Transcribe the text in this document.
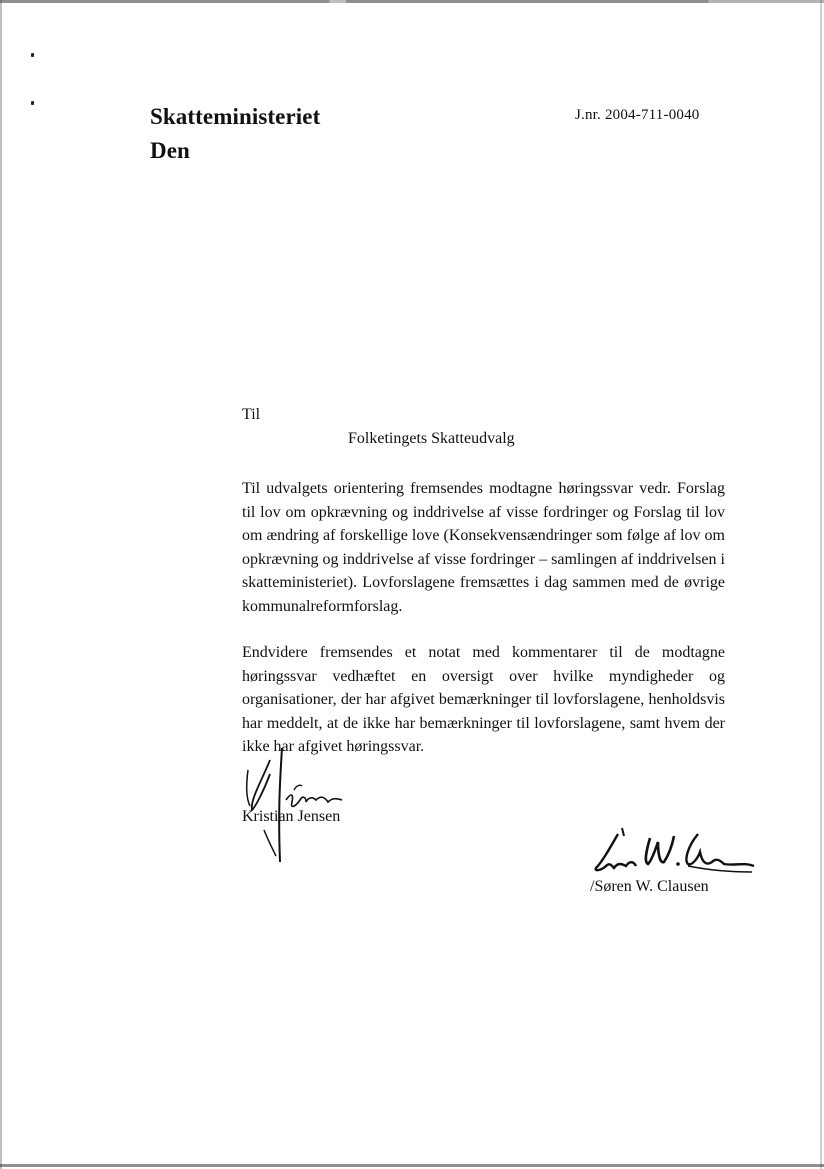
Skatteministeriet
Den
J.nr. 2004-711-0040
Til
Folketingets Skatteudvalg
Til udvalgets orientering fremsendes modtagne høringssvar vedr. Forslag til lov om opkrævning og inddrivelse af visse fordringer og Forslag til lov om ændring af forskellige love (Konsekvensændringer som følge af lov om opkrævning og inddrivelse af visse fordringer – samlingen af inddrivelsen i skatteministeriet). Lovforslagene fremsættes i dag sammen med de øvrige kommunalreformforslag.
Endvidere fremsendes et notat med kommentarer til de modtagne høringssvar vedhæftet en oversigt over hvilke myndigheder og organisationer, der har afgivet bemærkninger til lovforslagene, henholdsvis har meddelt, at de ikke har bemærkninger til lovforslagene, samt hvem der ikke har afgivet høringssvar.
Kristian Jensen
/Søren W. Clausen
